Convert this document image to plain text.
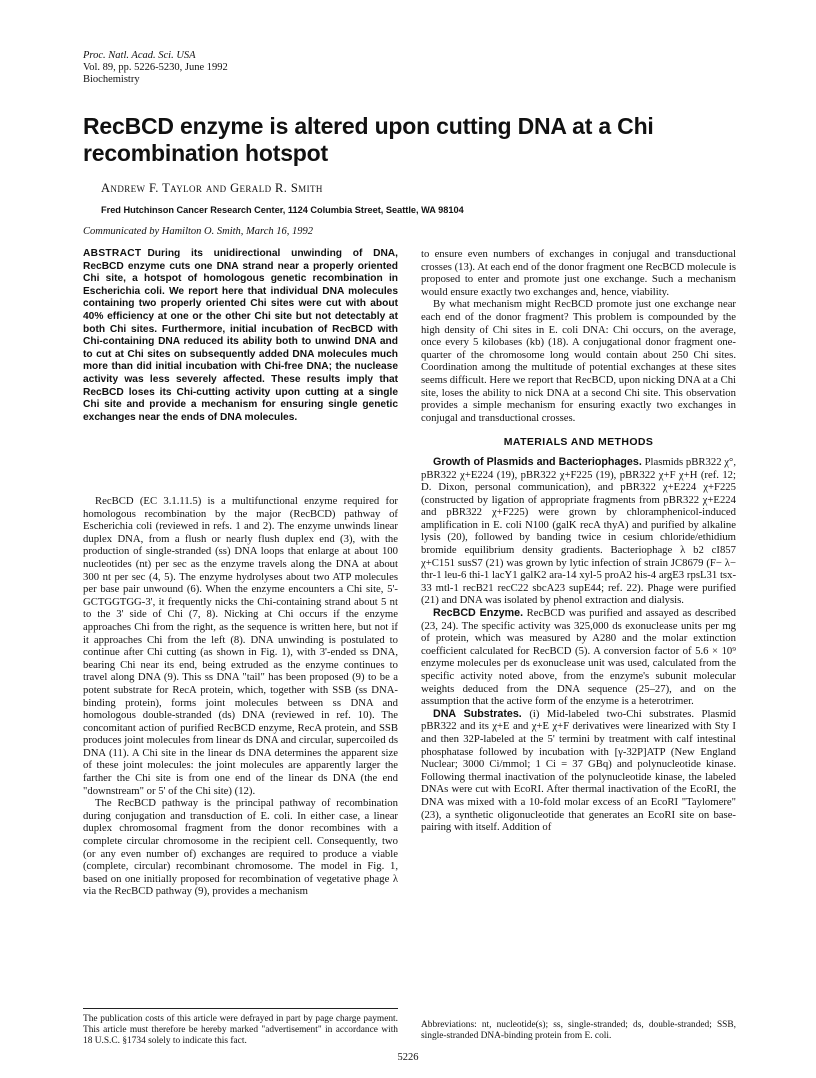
Proc. Natl. Acad. Sci. USA
Vol. 89, pp. 5226-5230, June 1992
Biochemistry
RecBCD enzyme is altered upon cutting DNA at a Chi recombination hotspot
Andrew F. Taylor and Gerald R. Smith
Fred Hutchinson Cancer Research Center, 1124 Columbia Street, Seattle, WA 98104
Communicated by Hamilton O. Smith, March 16, 1992
ABSTRACT During its unidirectional unwinding of DNA, RecBCD enzyme cuts one DNA strand near a properly oriented Chi site, a hotspot of homologous genetic recombination in Escherichia coli. We report here that individual DNA molecules containing two properly oriented Chi sites were cut with about 40% efficiency at one or the other Chi site but not detectably at both Chi sites. Furthermore, initial incubation of RecBCD with Chi-containing DNA reduced its ability both to unwind DNA and to cut at Chi sites on subsequently added DNA molecules much more than did initial incubation with Chi-free DNA; the nuclease activity was less severely affected. These results imply that RecBCD loses its Chi-cutting activity upon cutting at a single Chi site and provide a mechanism for ensuring single genetic exchanges near the ends of DNA molecules.

RecBCD (EC 3.1.11.5) is a multifunctional enzyme required for homologous recombination by the major (RecBCD) pathway of Escherichia coli (reviewed in refs. 1 and 2). The enzyme unwinds linear duplex DNA, from a flush or nearly flush duplex end (3), with the production of single-stranded (ss) DNA loops that enlarge at about 100 nucleotides (nt) per sec as the enzyme travels along the DNA at about 300 nt per sec (4, 5). The enzyme hydrolyses about two ATP molecules per base pair unwound (6). When the enzyme encounters a Chi site, 5'-GCTGGTGG-3', it frequently nicks the Chi-containing strand about 5 nt to the 3' side of Chi (7, 8). Nicking at Chi occurs if the enzyme approaches Chi from the right, as the sequence is written here, but not if it approaches Chi from the left (8). DNA unwinding is postulated to continue after Chi cutting (as shown in Fig. 1), with 3'-ended ss DNA, bearing Chi near its end, being extruded as the enzyme continues to travel along DNA (9). This ss DNA "tail" has been proposed (9) to be a potent substrate for RecA protein, which, together with SSB (ss DNA-binding protein), forms joint molecules between ss DNA and homologous double-stranded (ds) DNA (reviewed in ref. 10). The concomitant action of purified RecBCD enzyme, RecA protein, and SSB produces joint molecules from linear ds DNA and circular, supercoiled ds DNA (11). A Chi site in the linear ds DNA determines the apparent size of these joint molecules: the joint molecules are apparently larger the farther the Chi site is from one end of the linear ds DNA (the end "downstream" or 5' of the Chi site) (12).

The RecBCD pathway is the principal pathway of recombination during conjugation and transduction of E. coli. In either case, a linear duplex chromosomal fragment from the donor recombines with a complete circular chromosome in the recipient cell. Consequently, two (or any even number of) exchanges are required to produce a viable (complete, circular) recombinant chromosome. The model in Fig. 1, based on one initially proposed for recombination of vegetative phage λ via the RecBCD pathway (9), provides a mechanism

The publication costs of this article were defrayed in part by page charge payment. This article must therefore be hereby marked "advertisement" in accordance with 18 U.S.C. §1734 solely to indicate this fact.

to ensure even numbers of exchanges in conjugal and transductional crosses (13). At each end of the donor fragment one RecBCD molecule is proposed to enter and promote just one exchange. Such a mechanism would ensure exactly two exchanges and, hence, viability.

By what mechanism might RecBCD promote just one exchange near each end of the donor fragment? This problem is compounded by the high density of Chi sites in E. coli DNA: Chi occurs, on the average, once every 5 kilobases (kb) (18). A conjugational donor fragment one-quarter of the chromosome long would contain about 250 Chi sites. Coordination among the multitude of potential exchanges at these sites seems difficult. Here we report that RecBCD, upon nicking DNA at a Chi site, loses the ability to nick DNA at a second Chi site. This observation provides a simple mechanism for ensuring exactly two exchanges in conjugal and transductional crosses.

MATERIALS AND METHODS

Growth of Plasmids and Bacteriophages. Plasmids pBR322 χ°, pBR322 χ+E224 (19), pBR322 χ+F225 (19), pBR322 χ+F χ+H (ref. 12; D. Dixon, personal communication), and pBR322 χ+E224 χ+F225 (constructed by ligation of appropriate fragments from pBR322 χ+E224 and pBR322 χ+F225) were grown by chloramphenicol-induced amplification in E. coli N100 (galK recA thyA) and purified by alkaline lysis (20), followed by banding twice in cesium chloride/ethidium bromide equilibrium density gradients. Bacteriophage λ b2 cI857 χ+C151 susS7 (21) was grown by lytic infection of strain JC8679 (F− λ− thr-1 leu-6 thi-1 lacY1 galK2 ara-14 xyl-5 proA2 his-4 argE3 rpsL31 tsx-33 mtl-1 recB21 recC22 sbcA23 supE44; ref. 22). Phage were purified (21) and DNA was isolated by phenol extraction and dialysis.

RecBCD Enzyme. RecBCD was purified and assayed as described (23, 24). The specific activity was 325,000 ds exonuclease units per mg of protein, which was measured by A280 and the molar extinction coefficient calculated for RecBCD (5). A conversion factor of 5.6 × 10⁹ enzyme molecules per ds exonuclease unit was used, calculated from the specific activity noted above, from the enzyme's subunit molecular weights deduced from the DNA sequence (25–27), and on the assumption that the active form of the enzyme is a heterotrimer.

DNA Substrates. (i) Mid-labeled two-Chi substrates. Plasmid pBR322 and its χ+E and χ+E χ+F derivatives were linearized with Sty I and then 32P-labeled at the 5' termini by treatment with calf intestinal phosphatase followed by incubation with [γ-32P]ATP (New England Nuclear; 3000 Ci/mmol; 1 Ci = 37 GBq) and polynucleotide kinase. Following thermal inactivation of the polynucleotide kinase, the labeled DNAs were cut with EcoRI. After thermal inactivation of the EcoRI, the DNA was mixed with a 10-fold molar excess of an EcoRI "Taylomere" (23), a synthetic oligonucleotide that generates an EcoRI site on base-pairing with itself. Addition of

Abbreviations: nt, nucleotide(s); ss, single-stranded; ds, double-stranded; SSB, single-stranded DNA-binding protein from E. coli.
5226
